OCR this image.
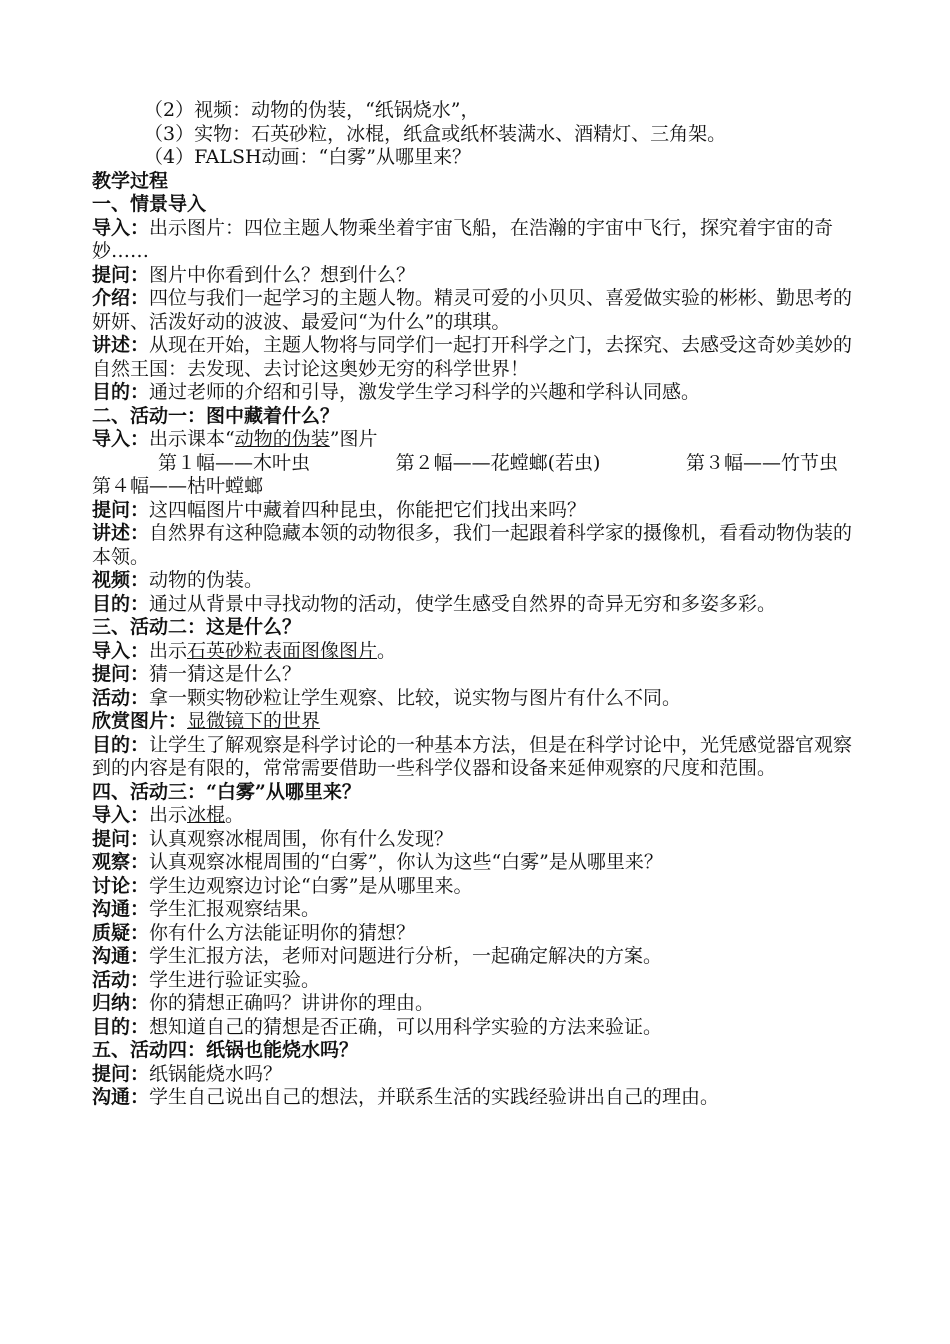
（2）视频：动物的伪装，“纸锅烧水”，
（3）实物：石英砂粒，冰棍，纸盒或纸杯装满水、酒精灯、三角架。
（4）FALSH动画：“白雾”从哪里来？
教学过程
一、情景导入
导入：出示图片：四位主题人物乘坐着宇宙飞船，在浩瀚的宇宙中飞行，探究着宇宙的奇妙……
提问：图片中你看到什么？想到什么？
介绍：四位与我们一起学习的主题人物。精灵可爱的小贝贝、喜爱做实验的彬彬、勤思考的妍妍、活泼好动的波波、最爱问“为什么”的琪琪。
讲述：从现在开始，主题人物将与同学们一起打开科学之门，去探究、去感受这奇妙美妙的自然王国：去发现、去讨论这奥妙无穷的科学世界！
目的：通过老师的介绍和引导，激发学生学习科学的兴趣和学科认同感。
二、活动一：图中藏着什么？
导入：出示课本“动物的伪装”图片
第１幅——木叶虫	第２幅——花螳螂(若虫)	第３幅——竹节虫
第４幅——枯叶螳螂
提问：这四幅图片中藏着四种昆虫，你能把它们找出来吗？
讲述：自然界有这种隐藏本领的动物很多，我们一起跟着科学家的摄像机，看看动物伪装的本领。
视频：动物的伪装。
目的：通过从背景中寻找动物的活动，使学生感受自然界的奇异无穷和多姿多彩。
三、活动二：这是什么？
导入：出示石英砂粒表面图像图片。
提问：猜一猜这是什么？
活动：拿一颗实物砂粒让学生观察、比较，说实物与图片有什么不同。
欣赏图片：显微镜下的世界
目的：让学生了解观察是科学讨论的一种基本方法，但是在科学讨论中，光凭感觉器官观察到的内容是有限的，常常需要借助一些科学仪器和设备来延伸观察的尺度和范围。
四、活动三：“白雾”从哪里来？
导入：出示冰棍。
提问：认真观察冰棍周围，你有什么发现？
观察：认真观察冰棍周围的“白雾”，你认为这些“白雾”是从哪里来？
讨论：学生边观察边讨论“白雾”是从哪里来。
沟通：学生汇报观察结果。
质疑：你有什么方法能证明你的猜想？
沟通：学生汇报方法，老师对问题进行分析，一起确定解决的方案。
活动：学生进行验证实验。
归纳：你的猜想正确吗？讲讲你的理由。
目的：想知道自己的猜想是否正确，可以用科学实验的方法来验证。
五、活动四：纸锅也能烧水吗？
提问：纸锅能烧水吗？
沟通：学生自己说出自己的想法，并联系生活的实践经验讲出自己的理由。
